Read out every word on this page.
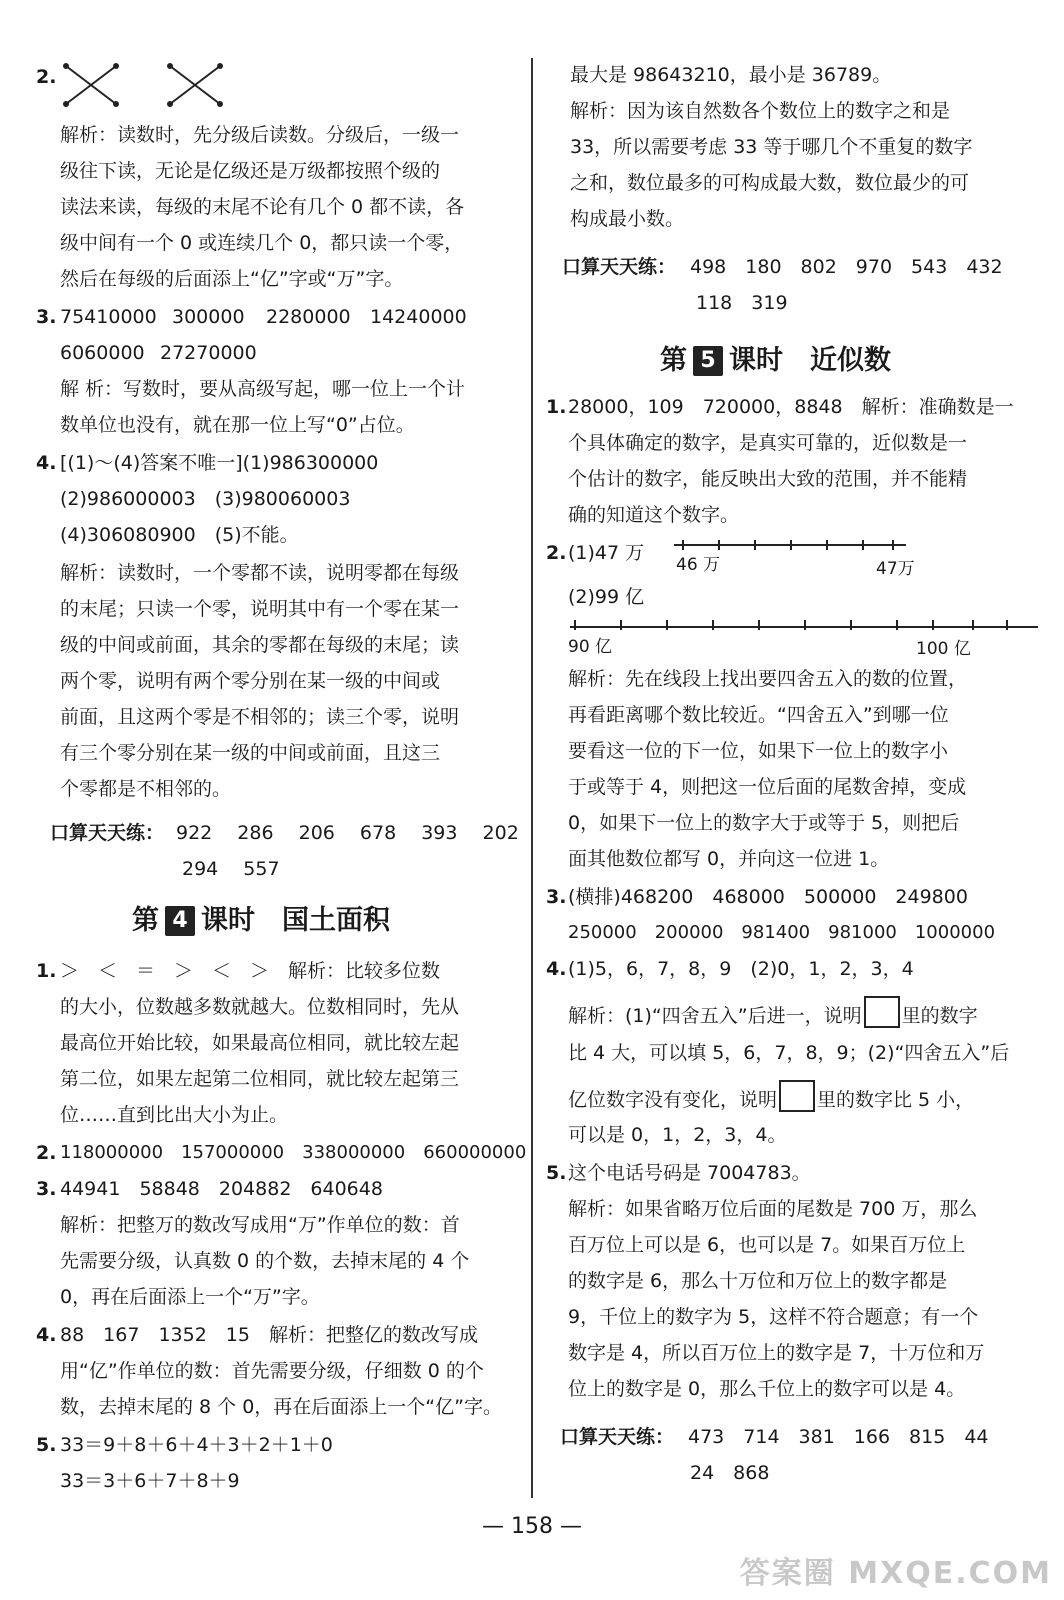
2.
解析：读数时，先分级后读数。分级后，一级一
级往下读，无论是亿级还是万级都按照个级的
读法来读，每级的末尾不论有几个 0 都不读，各
级中间有一个 0 或连续几个 0，都只读一个零，
然后在每级的后面添上“亿”字或“万”字。
3. 75410000 300000 2280000 14240000
6060000 27270000
解 析：写数时，要从高级写起，哪一位上一个计
数单位也没有，就在那一位上写“0”占位。
4. [(1)～(4)答案不唯一](1)986300000
(2)986000003　(3)980060003
(4)306080900　(5)不能。
解析：读数时，一个零都不读，说明零都在每级
的末尾；只读一个零，说明其中有一个零在某一
级的中间或前面，其余的零都在每级的末尾；读
两个零，说明有两个零分别在某一级的中间或
前面，且这两个零是不相邻的；读三个零，说明
有三个零分别在某一级的中间或前面，且这三
个零都是不相邻的。
口算天天练： 922　 286　 206　 678　 393　 202
294　 557
第 4 课时　国土面积
1. ＞　＜　＝　＞　＜　＞　解析：比较多位数
的大小，位数越多数就越大。位数相同时，先从
最高位开始比较，如果最高位相同，就比较左起
第二位，如果左起第二位相同，就比较左起第三
位……直到比出大小为止。
2. 118000000　157000000　338000000　660000000
3. 44941　58848　204882　640648
解析：把整万的数改写成用“万”作单位的数：首
先需要分级，认真数 0 的个数，去掉末尾的 4 个
0，再在后面添上一个“万”字。
4. 88　167　1352　15　解析：把整亿的数改写成
用“亿”作单位的数：首先需要分级，仔细数 0 的个
数，去掉末尾的 8 个 0，再在后面添上一个“亿”字。
5. 33＝9＋8＋6＋4＋3＋2＋1＋0
33＝3＋6＋7＋8＋9
最大是 98643210，最小是 36789。
解析：因为该自然数各个数位上的数字之和是
33，所以需要考虑 33 等于哪几个不重复的数字
之和，数位最多的可构成最大数，数位最少的可
构成最小数。
口算天天练： 498　180　802　970　543　432
118　319
第 5 课时　近似数
1. 28000，109　720000，8848　解析：准确数是一
个具体确定的数字，是真实可靠的，近似数是一
个估计的数字，能反映出大致的范围，并不能精
确的知道这个数字。
2. (1)47 万
46 万	47万
(2)99 亿
90 亿	100 亿
解析：先在线段上找出要四舍五入的数的位置，
再看距离哪个数比较近。“四舍五入”到哪一位
要看这一位的下一位，如果下一位上的数字小
于或等于 4，则把这一位后面的尾数舍掉，变成
0，如果下一位上的数字大于或等于 5，则把后
面其他数位都写 0，并向这一位进 1。
3. (横排)468200　468000　500000　249800
250000　200000　981400　981000　1000000
4. (1)5，6，7，8，9　(2)0，1，2，3，4
解析：(1)“四舍五入”后进一，说明 里的数字
比 4 大，可以填 5，6，7，8，9；(2)“四舍五入”后
亿位数字没有变化，说明 里的数字比 5 小，
可以是 0，1，2，3，4。
5. 这个电话号码是 7004783。
解析：如果省略万位后面的尾数是 700 万，那么
百万位上可以是 6，也可以是 7。如果百万位上
的数字是 6，那么十万位和万位上的数字都是
9，千位上的数字为 5，这样不符合题意；有一个
数字是 4，所以百万位上的数字是 7，十万位和万
位上的数字是 0，那么千位上的数字可以是 4。
口算天天练： 473　714　381　166　815　44
24　868
— 158 —
答案圈 MXQE.COM
